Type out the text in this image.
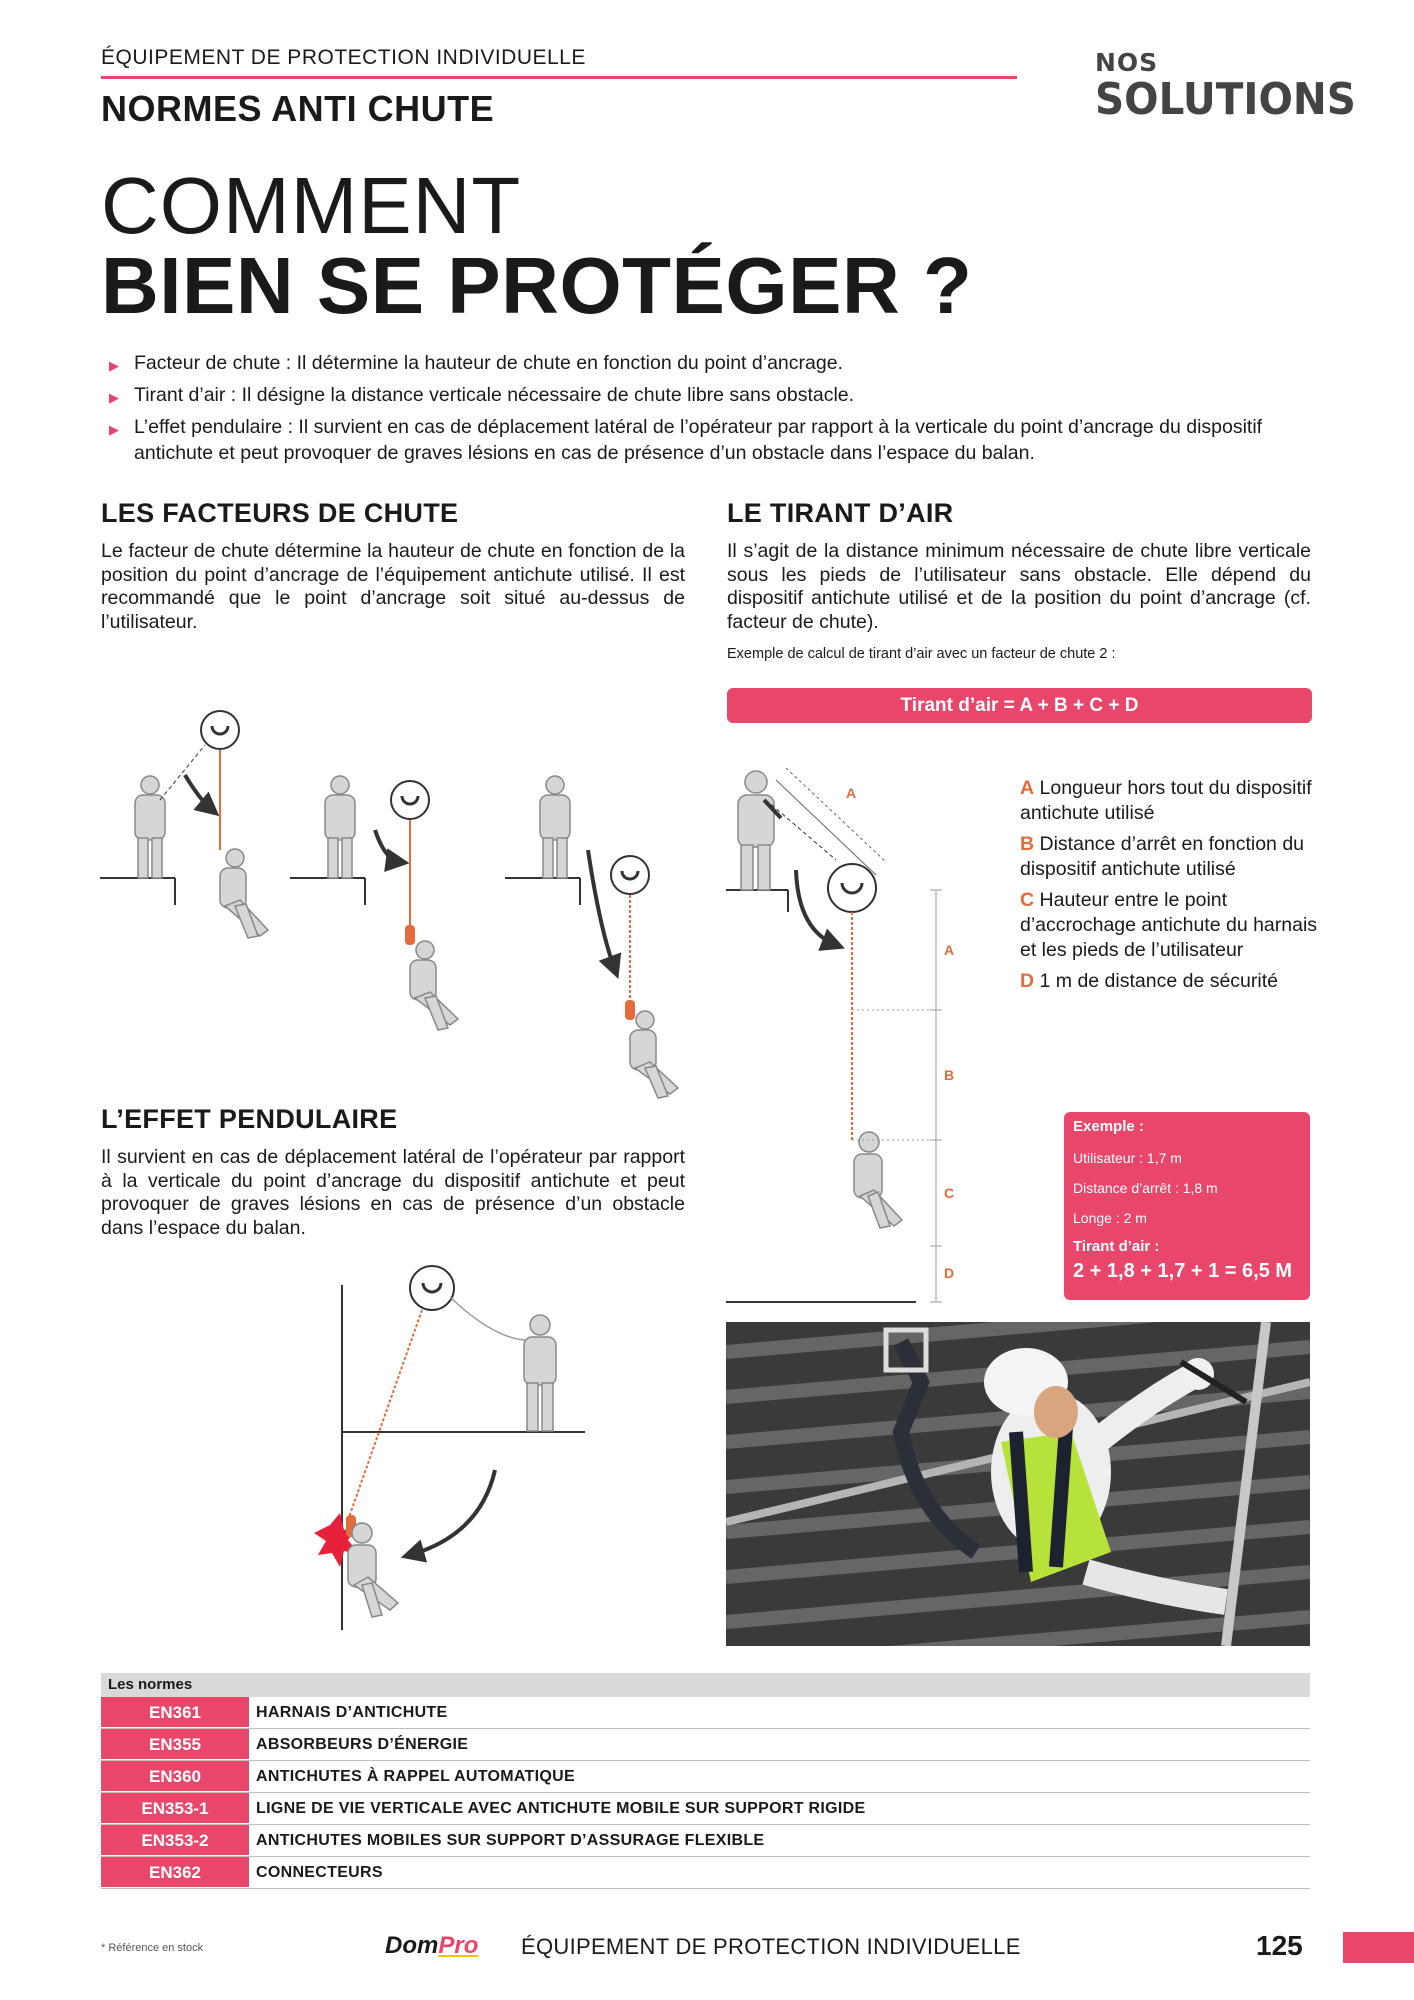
ÉQUIPEMENT DE PROTECTION INDIVIDUELLE
NORMES ANTI CHUTE
NOS
SOLUTIONS
COMMENT
BIEN SE PROTÉGER ?
▶ Facteur de chute : Il détermine la hauteur de chute en fonction du point d’ancrage.
▶ Tirant d’air : Il désigne la distance verticale nécessaire de chute libre sans obstacle.
▶ L’effet pendulaire : Il survient en cas de déplacement latéral de l’opérateur par rapport à la verticale du point d’ancrage du dispositif antichute et peut provoquer de graves lésions en cas de présence d’un obstacle dans l’espace du balan.
LES FACTEURS DE CHUTE
Le facteur de chute détermine la hauteur de chute en fonction de la position du point d’ancrage de l’équipement antichute utilisé. Il est recommandé que le point d’ancrage soit situé au-dessus de l’utilisateur.
L’EFFET PENDULAIRE
Il survient en cas de déplacement latéral de l’opérateur par rapport à la verticale du point d’ancrage du dispositif antichute et peut provoquer de graves lésions en cas de présence d’un obstacle dans l’espace du balan.
LE TIRANT D’AIR
Il s’agit de la distance minimum nécessaire de chute libre verticale sous les pieds de l’utilisateur sans obstacle. Elle dépend du dispositif antichute utilisé et de la position du point d’ancrage (cf. facteur de chute).
Exemple de calcul de tirant d’air avec un facteur de chute 2 :
Tirant d’air = A + B + C + D
A
A
B
C
D
A Longueur hors tout du dispositif antichute utilisé
B Distance d’arrêt en fonction du dispositif antichute utilisé
C Hauteur entre le point d’accrochage antichute du harnais et les pieds de l’utilisateur
D 1 m de distance de sécurité
Exemple :
Utilisateur : 1,7 m
Distance d’arrêt : 1,8 m
Longe : 2 m
Tirant d’air :
2 + 1,8 + 1,7 + 1 = 6,5 M
Les normes
EN361	HARNAIS D’ANTICHUTE
EN355	ABSORBEURS D’ÉNERGIE
EN360	ANTICHUTES À RAPPEL AUTOMATIQUE
EN353-1	LIGNE DE VIE VERTICALE AVEC ANTICHUTE MOBILE SUR SUPPORT RIGIDE
EN353-2	ANTICHUTES MOBILES SUR SUPPORT D’ASSURAGE FLEXIBLE
EN362	CONNECTEURS
* Référence en stock	DomPro ÉQUIPEMENT DE PROTECTION INDIVIDUELLE	125
